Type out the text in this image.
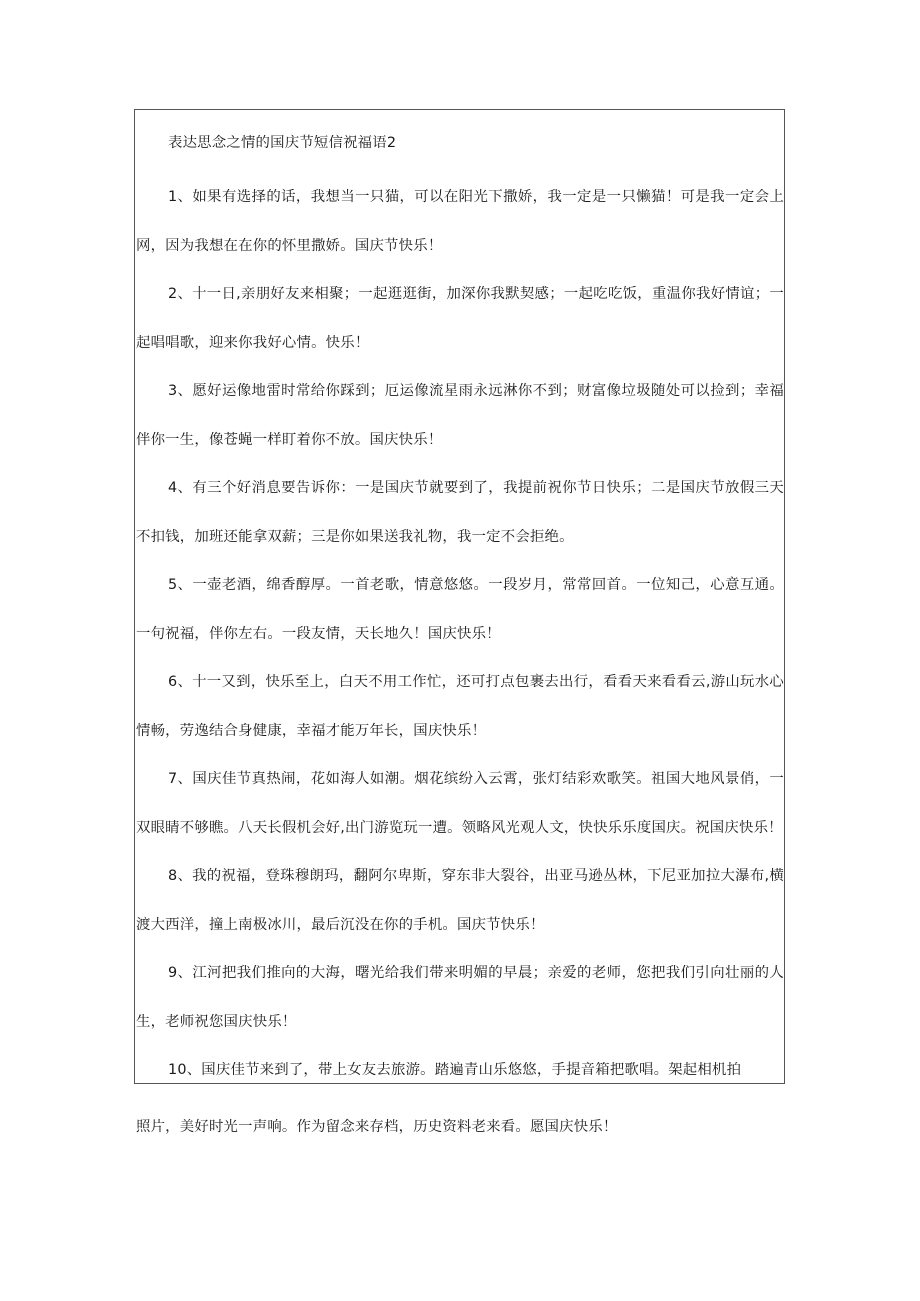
表达思念之情的国庆节短信祝福语2

1、如果有选择的话，我想当一只猫，可以在阳光下撒娇，我一定是一只懒猫！可是我一定会上网，因为我想在在你的怀里撒娇。国庆节快乐！

2、十一日,亲朋好友来相聚；一起逛逛街，加深你我默契感；一起吃吃饭，重温你我好情谊；一起唱唱歌，迎来你我好心情。快乐！

3、愿好运像地雷时常给你踩到；厄运像流星雨永远淋你不到；财富像垃圾随处可以捡到；幸福伴你一生，像苍蝇一样盯着你不放。国庆快乐！

4、有三个好消息要告诉你：一是国庆节就要到了，我提前祝你节日快乐；二是国庆节放假三天不扣钱，加班还能拿双薪；三是你如果送我礼物，我一定不会拒绝。

5、一壶老酒，绵香醇厚。一首老歌，情意悠悠。一段岁月，常常回首。一位知己，心意互通。一句祝福，伴你左右。一段友情，天长地久！国庆快乐！

6、十一又到，快乐至上，白天不用工作忙，还可打点包裹去出行，看看天来看看云,游山玩水心情畅，劳逸结合身健康，幸福才能万年长，国庆快乐！

7、国庆佳节真热闹，花如海人如潮。烟花缤纷入云霄，张灯结彩欢歌笑。祖国大地风景俏，一双眼睛不够瞧。八天长假机会好,出门游览玩一遭。领略风光观人文，快快乐乐度国庆。祝国庆快乐！

8、我的祝福，登珠穆朗玛，翻阿尔卑斯，穿东非大裂谷，出亚马逊丛林，下尼亚加拉大瀑布,横渡大西洋，撞上南极冰川，最后沉没在你的手机。国庆节快乐！

9、江河把我们推向的大海，曙光给我们带来明媚的早晨；亲爱的老师，您把我们引向壮丽的人生，老师祝您国庆快乐！

10、国庆佳节来到了，带上女友去旅游。踏遍青山乐悠悠，手提音箱把歌唱。架起相机拍

照片，美好时光一声响。作为留念来存档，历史资料老来看。愿国庆快乐！
